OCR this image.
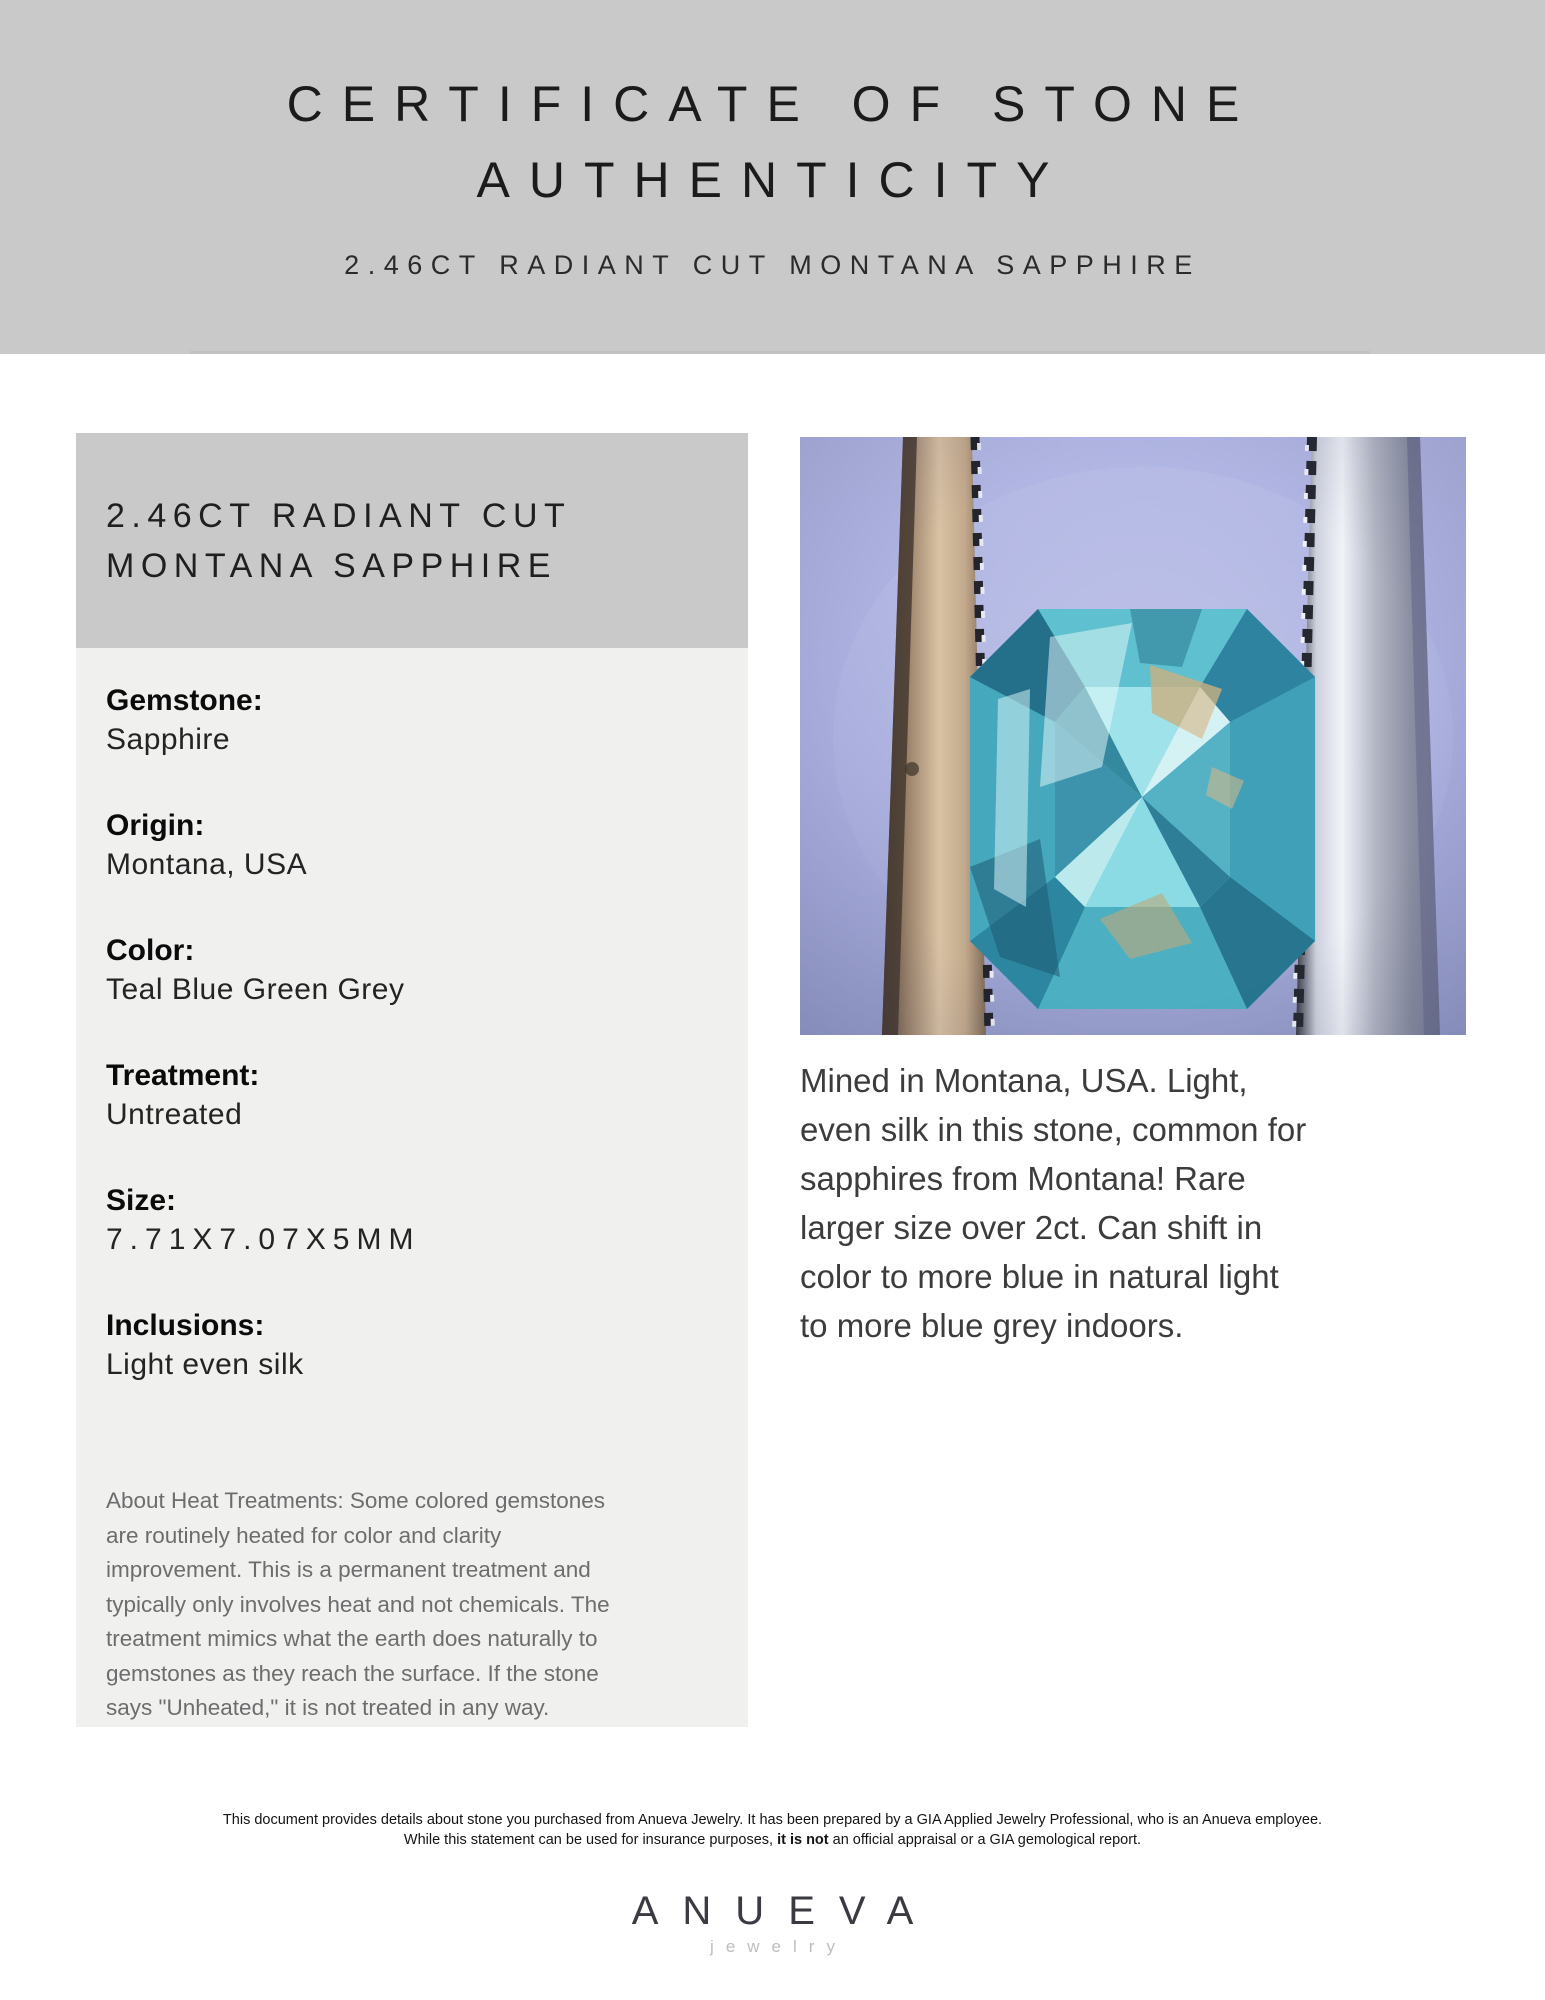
CERTIFICATE OF STONE
AUTHENTICITY
2.46CT RADIANT CUT MONTANA SAPPHIRE
2.46CT RADIANT CUT
MONTANA SAPPHIRE
Gemstone:
Sapphire
Origin:
Montana, USA
Color:
Teal Blue Green Grey
Treatment:
Untreated
Size:
7.71X7.07X5MM
Inclusions:
Light even silk
About Heat Treatments: Some colored gemstones
are routinely heated for color and clarity
improvement. This is a permanent treatment and
typically only involves heat and not chemicals. The
treatment mimics what the earth does naturally to
gemstones as they reach the surface. If the stone
says "Unheated," it is not treated in any way.
Mined in Montana, USA. Light,
even silk in this stone, common for
sapphires from Montana! Rare
larger size over 2ct. Can shift in
color to more blue in natural light
to more blue grey indoors.
This document provides details about stone you purchased from Anueva Jewelry. It has been prepared by a GIA Applied Jewelry Professional, who is an Anueva employee.
While this statement can be used for insurance purposes, it is not an official appraisal or a GIA gemological report.
ANUEVA
jewelry
